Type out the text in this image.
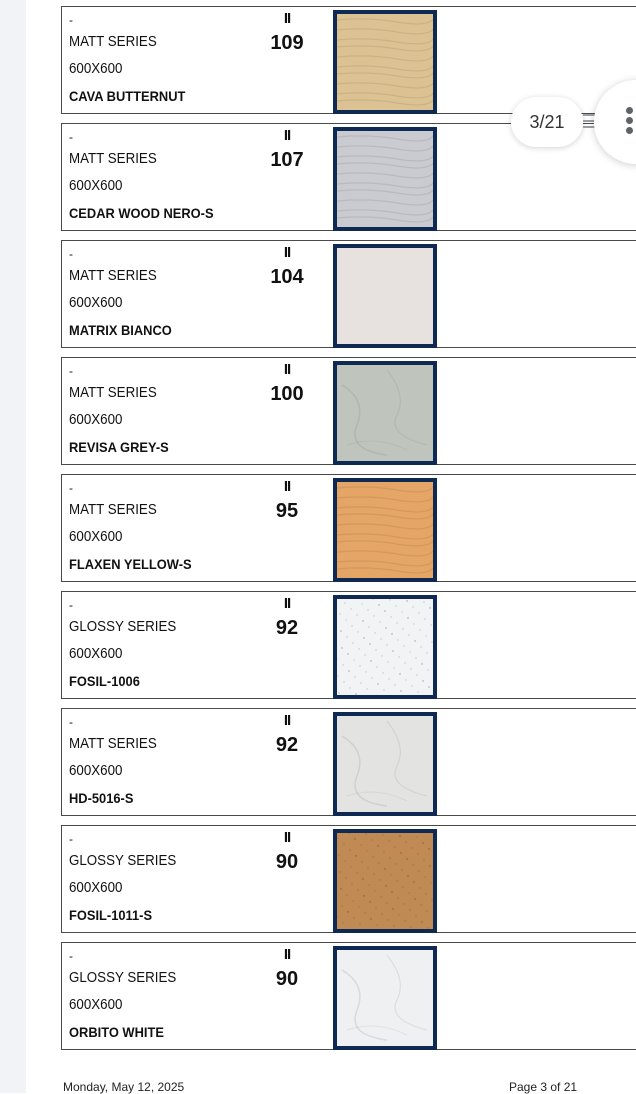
-
MATT SERIES
600X600
CAVA BUTTERNUT
II
109
-
MATT SERIES
600X600
CEDAR WOOD NERO-S
II
107
-
MATT SERIES
600X600
MATRIX BIANCO
II
104
-
MATT SERIES
600X600
REVISA GREY-S
II
100
-
MATT SERIES
600X600
FLAXEN YELLOW-S
II
95
-
GLOSSY SERIES
600X600
FOSIL-1006
II
92
-
MATT SERIES
600X600
HD-5016-S
II
92
-
GLOSSY SERIES
600X600
FOSIL-1011-S
II
90
-
GLOSSY SERIES
600X600
ORBITO WHITE
II
90
Monday, May 12, 2025	Page 3 of 21
3/21
